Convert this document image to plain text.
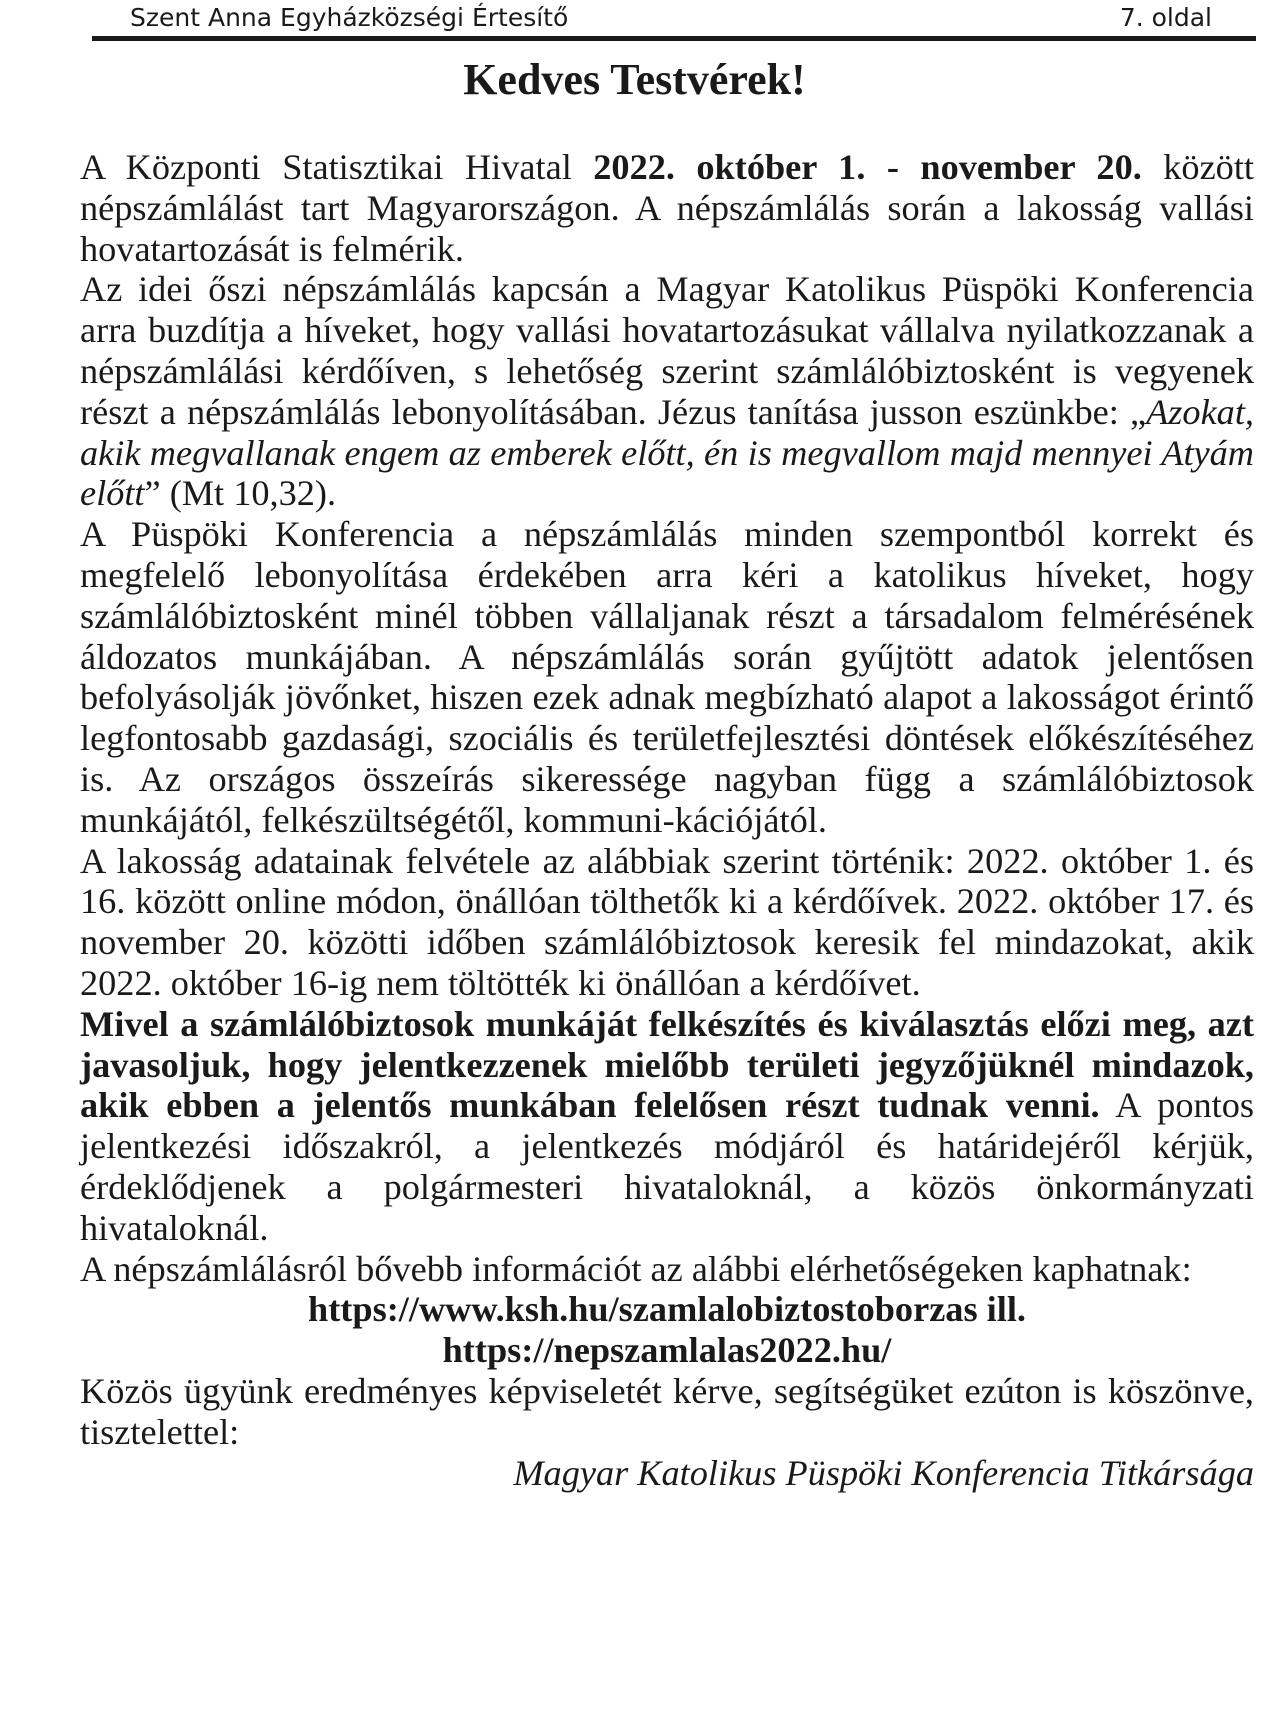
Szent Anna Egyházközségi Értesítő	7. oldal
Kedves Testvérek!

A Központi Statisztikai Hivatal 2022. október 1. - november 20. között népszámlálást tart Magyarországon. A népszámlálás során a lakosság vallási hovatartozását is felmérik.

Az idei őszi népszámlálás kapcsán a Magyar Katolikus Püspöki Konferencia arra buzdítja a híveket, hogy vallási hovatartozásukat vállalva nyilatkozzanak a népszámlálási kérdőíven, s lehetőség szerint számlálóbiztosként is vegyenek részt a népszámlálás lebonyolításában. Jézus tanítása jusson eszünkbe: „Azokat, akik megvallanak engem az emberek előtt, én is megvallom majd mennyei Atyám előtt” (Mt 10,32).

A Püspöki Konferencia a népszámlálás minden szempontból korrekt és megfelelő lebonyolítása érdekében arra kéri a katolikus híveket, hogy számlálóbiztosként minél többen vállaljanak részt a társadalom felmérésének áldozatos munkájában. A népszámlálás során gyűjtött adatok jelentősen befolyásolják jövőnket, hiszen ezek adnak megbízható alapot a lakosságot érintő legfontosabb gazdasági, szociális és területfejlesztési döntések előkészítéséhez is. Az országos összeírás sikeressége nagyban függ a számlálóbiztosok munkájától, felkészültségétől, kommuni-kációjától.

A lakosság adatainak felvétele az alábbiak szerint történik: 2022. október 1. és 16. között online módon, önállóan tölthetők ki a kérdőívek. 2022. október 17. és november 20. közötti időben számlálóbiztosok keresik fel mindazokat, akik 2022. október 16-ig nem töltötték ki önállóan a kérdőívet.

Mivel a számlálóbiztosok munkáját felkészítés és kiválasztás előzi meg, azt javasoljuk, hogy jelentkezzenek mielőbb területi jegyzőjüknél mindazok, akik ebben a jelentős munkában felelősen részt tudnak venni. A pontos jelentkezési időszakról, a jelentkezés módjáról és határidejéről kérjük, érdeklődjenek a polgármesteri hivataloknál, a közös önkormányzati hivataloknál.

A népszámlálásról bővebb információt az alábbi elérhetőségeken kaphatnak:

https://www.ksh.hu/szamlalobiztostoborzas ill.

https://nepszamlalas2022.hu/

Közös ügyünk eredményes képviseletét kérve, segítségüket ezúton is köszönve, tisztelettel:

Magyar Katolikus Püspöki Konferencia Titkársága
